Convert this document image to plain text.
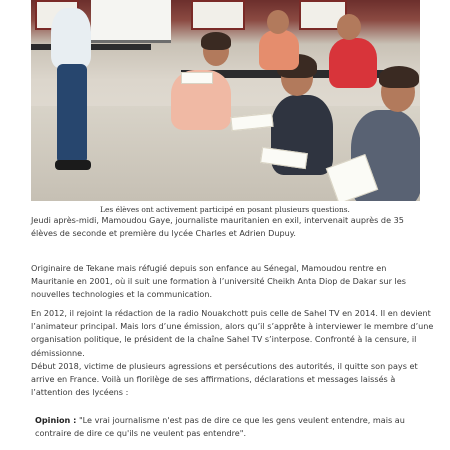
Les élèves ont activement participé en posant plusieurs questions.
Jeudi après-midi, Mamoudou Gaye, journaliste mauritanien en exil, intervenait auprès de 35
élèves de seconde et première du lycée Charles et Adrien Dupuy.
Originaire de Tekane mais réfugié depuis son enfance au Sénegal, Mamoudou rentre en
Mauritanie en 2001, où il suit une formation à l’université Cheikh Anta Diop de Dakar sur les
nouvelles technologies et la communication.
En 2012, il rejoint la rédaction de la radio Nouakchott puis celle de Sahel TV en 2014. Il en devient
l’animateur principal. Mais lors d’une émission, alors qu’il s’apprête à interviewer le membre d’une
organisation politique, le président de la chaîne Sahel TV s’interpose. Confronté à la censure, il
démissionne.
Début 2018, victime de plusieurs agressions et persécutions des autorités, il quitte son pays et
arrive en France. Voilà un florilège de ses affirmations, déclarations et messages laissés à
l’attention des lycéens :
Opinion : "Le vrai journalisme n'est pas de dire ce que les gens veulent entendre, mais au
contraire de dire ce qu'ils ne veulent pas entendre".
